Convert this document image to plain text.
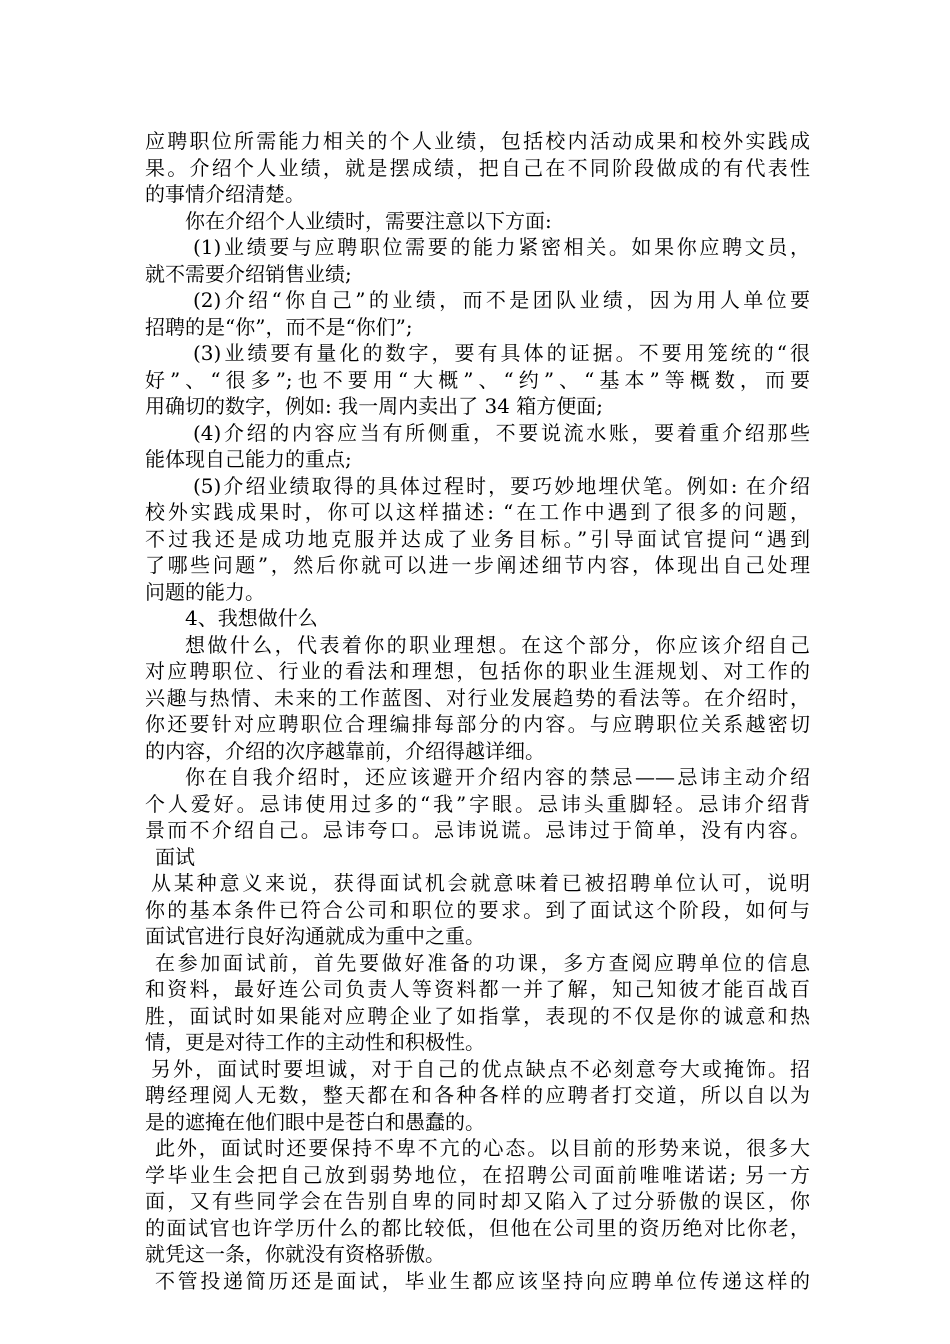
应聘职位所需能力相关的个人业绩，包括校内活动成果和校外实践成
果。介绍个人业绩，就是摆成绩，把自己在不同阶段做成的有代表性
的事情介绍清楚。
你在介绍个人业绩时，需要注意以下方面:
(1)业绩要与应聘职位需要的能力紧密相关。如果你应聘文员，
就不需要介绍销售业绩;
(2)介绍“你自己”的业绩，而不是团队业绩，因为用人单位要
招聘的是“你”，而不是“你们”;
(3)业绩要有量化的数字，要有具体的证据。不要用笼统的“很
好”、“很多”;也不要用“大概”、“约”、“基本”等概数，而要
用确切的数字，例如: 我一周内卖出了 34 箱方便面;
(4)介绍的内容应当有所侧重，不要说流水账，要着重介绍那些
能体现自己能力的重点;
(5)介绍业绩取得的具体过程时，要巧妙地埋伏笔。例如: 在介绍
校外实践成果时，你可以这样描述: “在工作中遇到了很多的问题，
不过我还是成功地克服并达成了业务目标。”引导面试官提问“遇到
了哪些问题”，然后你就可以进一步阐述细节内容，体现出自己处理
问题的能力。
4、我想做什么
想做什么，代表着你的职业理想。在这个部分，你应该介绍自己
对应聘职位、行业的看法和理想，包括你的职业生涯规划、对工作的
兴趣与热情、未来的工作蓝图、对行业发展趋势的看法等。在介绍时，
你还要针对应聘职位合理编排每部分的内容。与应聘职位关系越密切
的内容，介绍的次序越靠前，介绍得越详细。
你在自我介绍时，还应该避开介绍内容的禁忌——忌讳主动介绍
个人爱好。忌讳使用过多的“我”字眼。忌讳头重脚轻。忌讳介绍背
景而不介绍自己。忌讳夸口。忌讳说谎。忌讳过于简单，没有内容。
面试
从某种意义来说，获得面试机会就意味着已被招聘单位认可，说明
你的基本条件已符合公司和职位的要求。到了面试这个阶段，如何与
面试官进行良好沟通就成为重中之重。
在参加面试前，首先要做好准备的功课，多方查阅应聘单位的信息
和资料，最好连公司负责人等资料都一并了解，知己知彼才能百战百
胜，面试时如果能对应聘企业了如指掌，表现的不仅是你的诚意和热
情，更是对待工作的主动性和积极性。
另外，面试时要坦诚，对于自己的优点缺点不必刻意夸大或掩饰。招
聘经理阅人无数，整天都在和各种各样的应聘者打交道，所以自以为
是的遮掩在他们眼中是苍白和愚蠢的。
此外，面试时还要保持不卑不亢的心态。以目前的形势来说，很多大
学毕业生会把自己放到弱势地位，在招聘公司面前唯唯诺诺; 另一方
面，又有些同学会在告别自卑的同时却又陷入了过分骄傲的误区，你
的面试官也许学历什么的都比较低，但他在公司里的资历绝对比你老，
就凭这一条，你就没有资格骄傲。
不管投递简历还是面试，毕业生都应该坚持向应聘单位传递这样的
